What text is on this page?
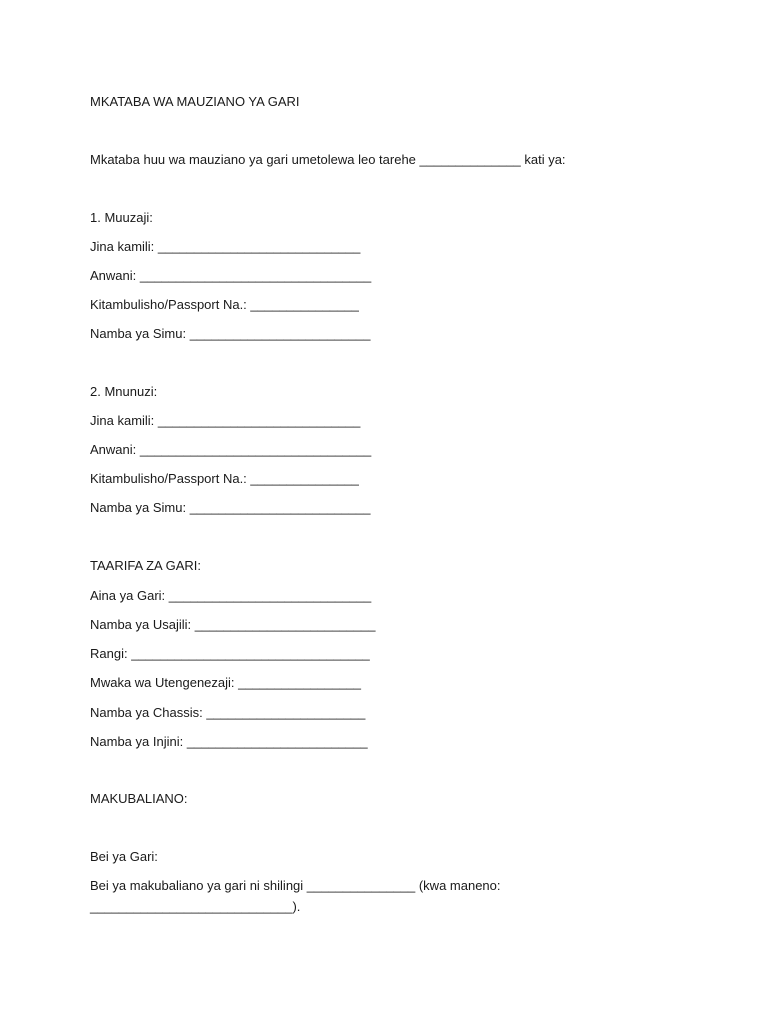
MKATABA WA MAUZIANO YA GARI
Mkataba huu wa mauziano ya gari umetolewa leo tarehe ______________ kati ya:
1. Muuzaji:
Jina kamili: ____________________________
Anwani: ________________________________
Kitambulisho/Passport Na.: _______________
Namba ya Simu: _________________________
2. Mnunuzi:
Jina kamili: ____________________________
Anwani: ________________________________
Kitambulisho/Passport Na.: _______________
Namba ya Simu: _________________________
TAARIFA ZA GARI:
Aina ya Gari: ____________________________
Namba ya Usajili: _________________________
Rangi: _________________________________
Mwaka wa Utengenezaji: _________________
Namba ya Chassis: ______________________
Namba ya Injini: _________________________
MAKUBALIANO:
Bei ya Gari:
Bei ya makubaliano ya gari ni shilingi _______________ (kwa maneno:
____________________________).
